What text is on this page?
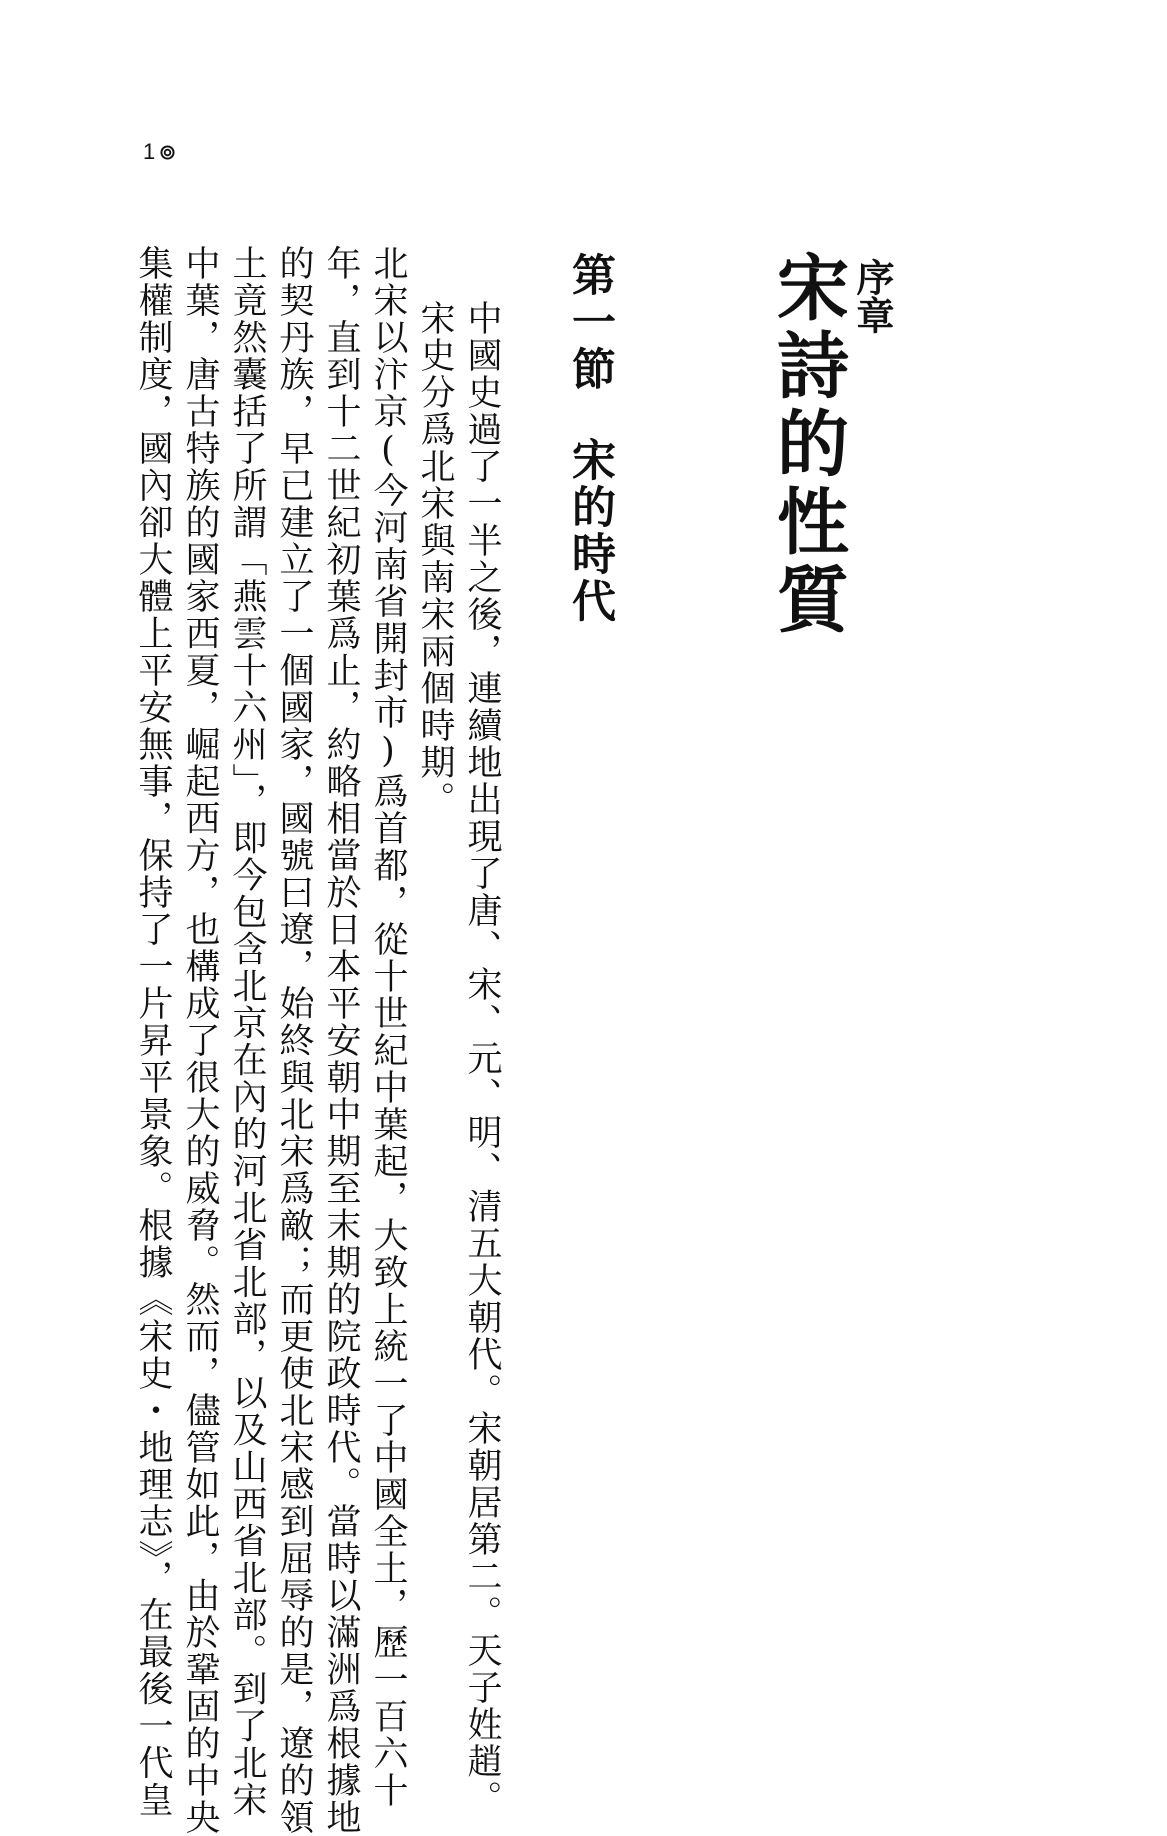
1
序章
宋詩的性質
第一節宋的時代

中國史過了一半之後，連續地出現了唐、宋、元、明、清五大朝代。宋朝居第二。天子姓趙。

宋史分爲北宋與南宋兩個時期。

北宋以汴京(今河南省開封市)爲首都，從十世紀中葉起，大致上統一了中國全土，歷一百六十

年，直到十二世紀初葉爲止，約略相當於日本平安朝中期至末期的院政時代。當時以滿洲爲根據地

的契丹族，早已建立了一個國家，國號曰遼，始終與北宋爲敵；而更使北宋感到屈辱的是，遼的領

土竟然囊括了所謂「燕雲十六州」，即今包含北京在內的河北省北部，以及山西省北部。到了北宋

中葉，唐古特族的國家西夏，崛起西方，也構成了很大的威脅。然而，儘管如此，由於鞏固的中央

集權制度，國內卻大體上平安無事，保持了一片昇平景象。根據《宋史・地理志》，在最後一代皇
